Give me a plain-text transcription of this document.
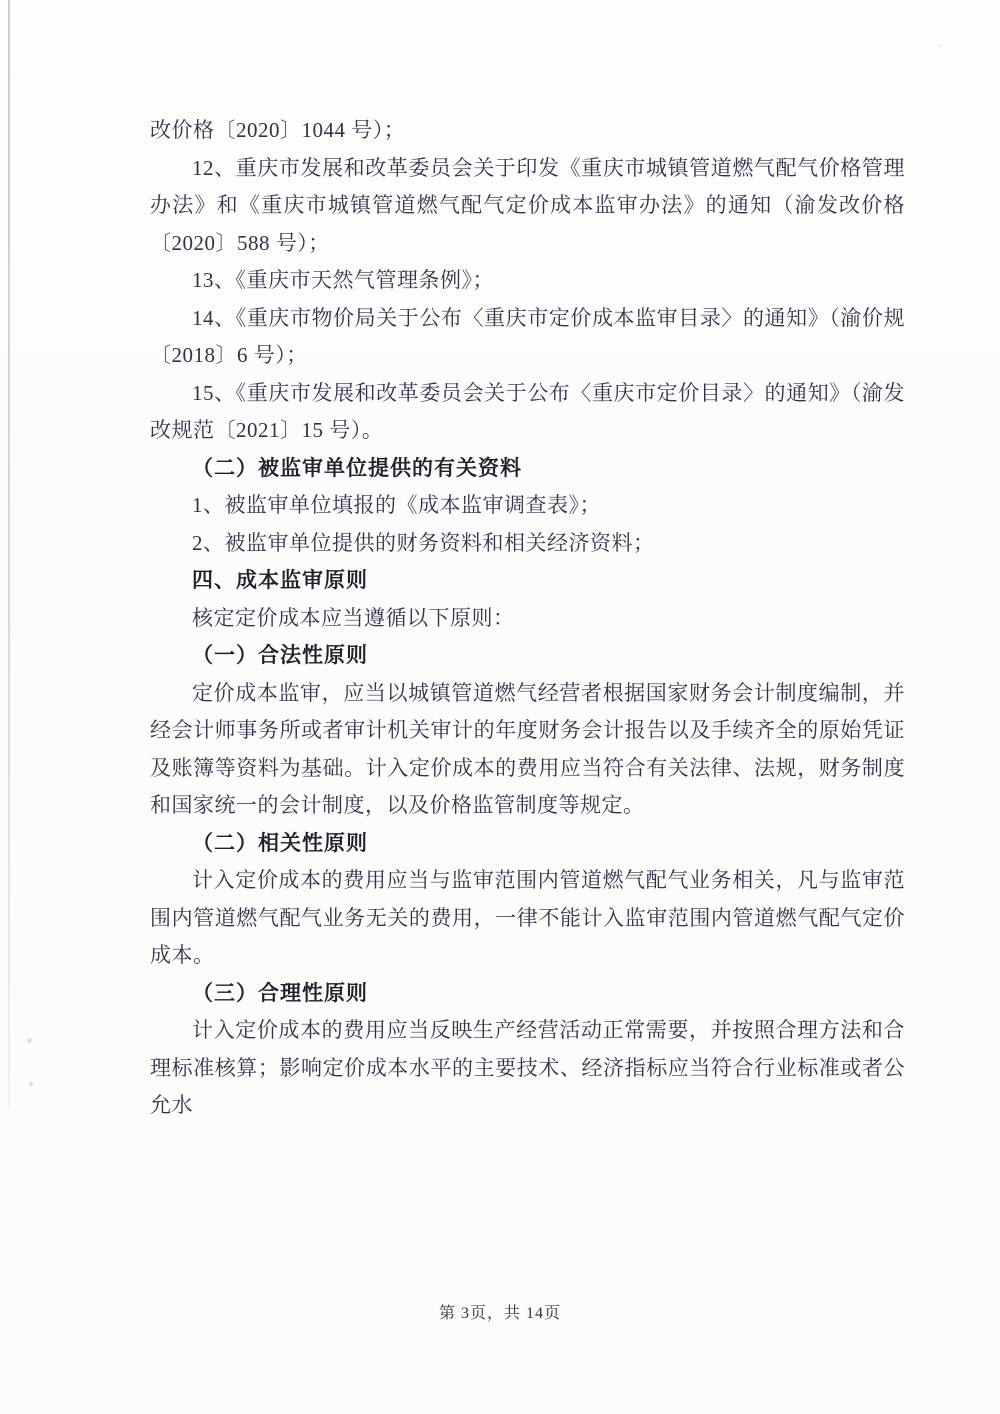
改价格〔2020〕1044 号）；

12、重庆市发展和改革委员会关于印发《重庆市城镇管道燃气配气价格管理办法》和《重庆市城镇管道燃气配气定价成本监审办法》的通知（渝发改价格〔2020〕588 号）；

13、《重庆市天然气管理条例》；

14、《重庆市物价局关于公布〈重庆市定价成本监审目录〉的通知》（渝价规〔2018〕6 号）；

15、《重庆市发展和改革委员会关于公布〈重庆市定价目录〉的通知》（渝发改规范〔2021〕15 号）。

（二）被监审单位提供的有关资料

1、被监审单位填报的《成本监审调查表》；

2、被监审单位提供的财务资料和相关经济资料；

四、成本监审原则

核定定价成本应当遵循以下原则：

（一）合法性原则

定价成本监审，应当以城镇管道燃气经营者根据国家财务会计制度编制，并经会计师事务所或者审计机关审计的年度财务会计报告以及手续齐全的原始凭证及账簿等资料为基础。计入定价成本的费用应当符合有关法律、法规，财务制度和国家统一的会计制度，以及价格监管制度等规定。

（二）相关性原则

计入定价成本的费用应当与监审范围内管道燃气配气业务相关，凡与监审范围内管道燃气配气业务无关的费用，一律不能计入监审范围内管道燃气配气定价成本。

（三）合理性原则

计入定价成本的费用应当反映生产经营活动正常需要，并按照合理方法和合理标准核算；影响定价成本水平的主要技术、经济指标应当符合行业标准或者公允水

第 3页，共 14页
